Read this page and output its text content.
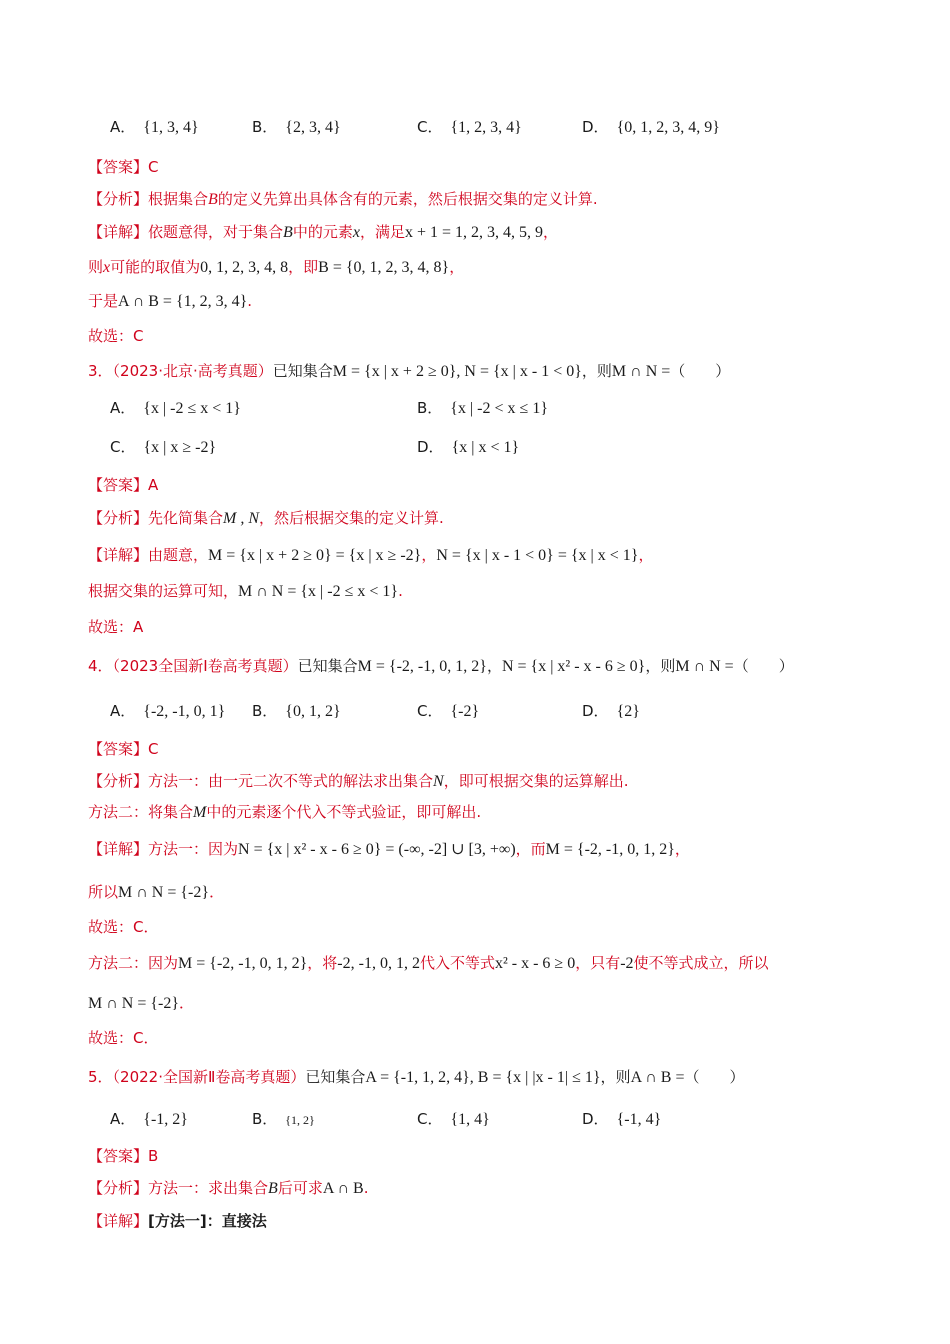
A． {1, 3, 4}	B． {2, 3, 4}	C． {1, 2, 3, 4}	D． {0, 1, 2, 3, 4, 9}
【答案】C
【分析】根据集合B的定义先算出具体含有的元素，然后根据交集的定义计算.
【详解】依题意得，对于集合B中的元素x，满足x + 1 = 1, 2, 3, 4, 5, 9，
则x可能的取值为0, 1, 2, 3, 4, 8，即B = {0, 1, 2, 3, 4, 8}，
于是A ∩ B = {1, 2, 3, 4}.
故选：C
3．（2023·北京·高考真题）已知集合M = {x | x + 2 ≥ 0}, N = {x | x - 1 < 0}，则M ∩ N =（　　）
A． {x | -2 ≤ x < 1}	B． {x | -2 < x ≤ 1}
C． {x | x ≥ -2}	D． {x | x < 1}
【答案】A
【分析】先化简集合M , N，然后根据交集的定义计算.
【详解】由题意，M = {x | x + 2 ≥ 0} = {x | x ≥ -2}，N = {x | x - 1 < 0} = {x | x < 1}，
根据交集的运算可知，M ∩ N = {x | -2 ≤ x < 1}.
故选：A
4．（2023全国新Ⅰ卷高考真题）已知集合M = {-2, -1, 0, 1, 2}，N = {x | x² - x - 6 ≥ 0}，则M ∩ N =（　　）
A． {-2, -1, 0, 1} B． {0, 1, 2}	C． {-2}	D． {2}
【答案】C
【分析】方法一：由一元二次不等式的解法求出集合N，即可根据交集的运算解出.
方法二：将集合M中的元素逐个代入不等式验证，即可解出.
【详解】方法一：因为N = {x | x² - x - 6 ≥ 0} = (-∞, -2] ∪ [3, +∞)，而M = {-2, -1, 0, 1, 2}，
所以M ∩ N = {-2}．
故选：C．
方法二：因为M = {-2, -1, 0, 1, 2}，将-2, -1, 0, 1, 2代入不等式x² - x - 6 ≥ 0，只有-2使不等式成立，所以
M ∩ N = {-2}．
故选：C．
5．（2022·全国新Ⅱ卷高考真题）已知集合A = {-1, 1, 2, 4}, B = {x | |x - 1| ≤ 1}，则A ∩ B =（　　）
A． {-1, 2}	B． {1, 2}	C． {1, 4}	D． {-1, 4}
【答案】B
【分析】方法一：求出集合B后可求A ∩ B.
【详解】[方法一]：直接法
